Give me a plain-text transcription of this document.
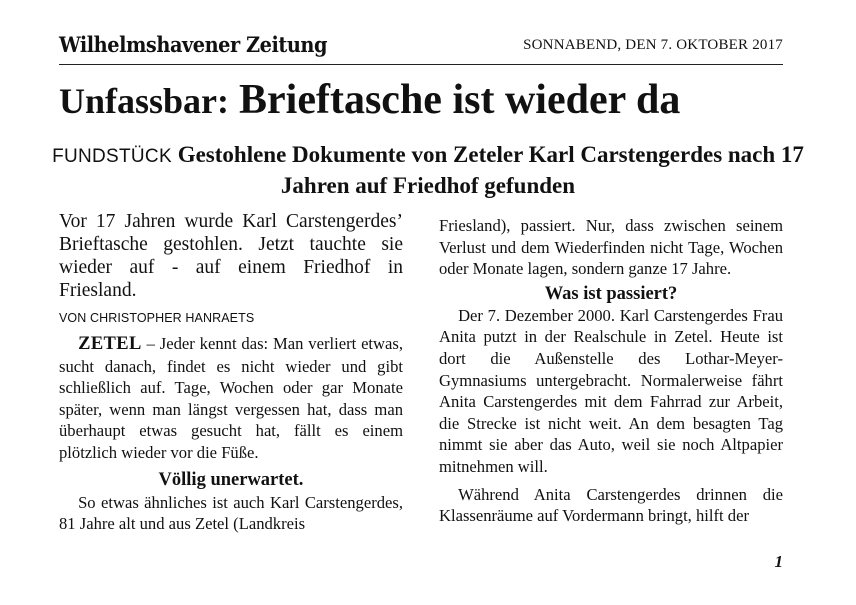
Wilhelmshavener Zeitung	SONNABEND, DEN 7. OKTOBER 2017
Unfassbar: Brieftasche ist wieder da
FUNDSTÜCK Gestohlene Dokumente von Zeteler Karl Carstengerdes nach 17 Jahren auf Friedhof gefunden

Vor 17 Jahren wurde Karl Carstengerdes’ Brieftasche gestohlen. Jetzt tauchte sie wieder auf - auf einem Friedhof in Friesland.

VON CHRISTOPHER HANRAETS

ZETEL – Jeder kennt das: Man verliert etwas, sucht danach, findet es nicht wieder und gibt schließlich auf. Tage, Wochen oder gar Monate später, wenn man längst vergessen hat, dass man überhaupt etwas gesucht hat, fällt es einem plötzlich wieder vor die Füße.

Völlig unerwartet.

So etwas ähnliches ist auch Karl Carstengerdes, 81 Jahre alt und aus Zetel (Landkreis

Friesland), passiert. Nur, dass zwischen seinem Verlust und dem Wiederfinden nicht Tage, Wochen oder Monate lagen, sondern ganze 17 Jahre.

Was ist passiert?

Der 7. Dezember 2000. Karl Carstengerdes Frau Anita putzt in der Realschule in Zetel. Heute ist dort die Außenstelle des Lothar-Meyer-Gymnasiums untergebracht. Normalerweise fährt Anita Carstengerdes mit dem Fahrrad zur Arbeit, die Strecke ist nicht weit. An dem besagten Tag nimmt sie aber das Auto, weil sie noch Altpapier mitnehmen will.

Während Anita Carstengerdes drinnen die Klassenräume auf Vordermann bringt, hilft der

1
